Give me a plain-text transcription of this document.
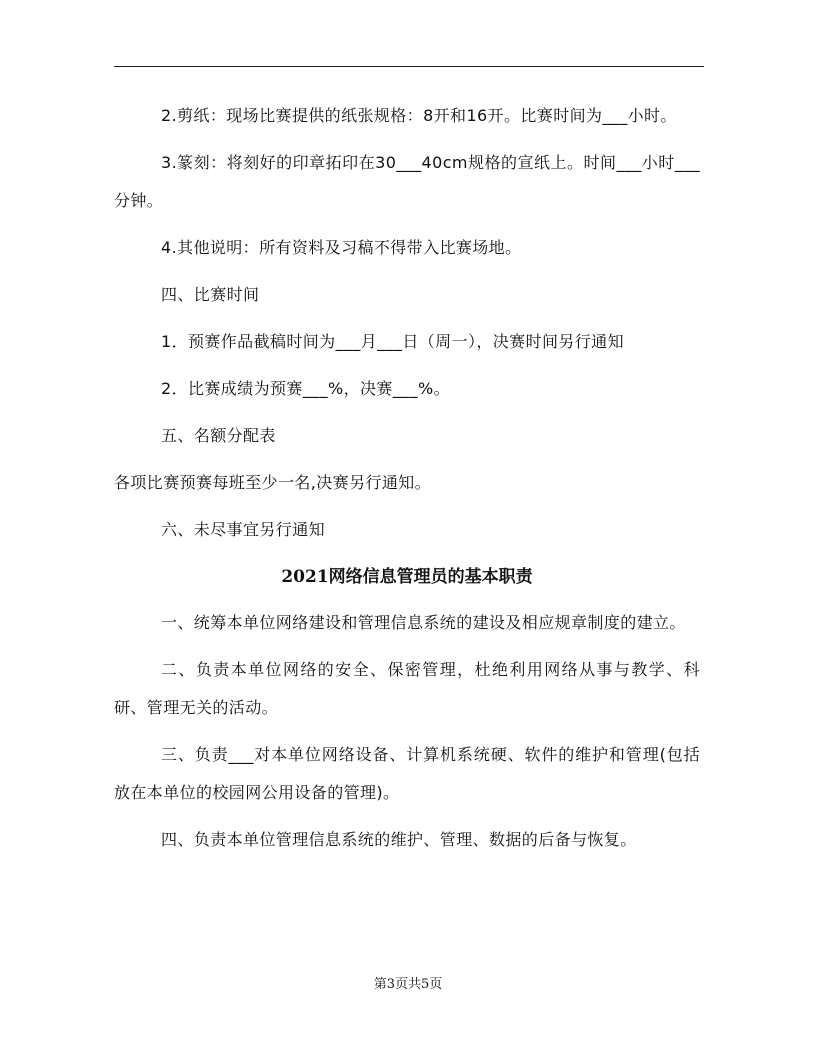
2.剪纸：现场比赛提供的纸张规格：8开和16开。比赛时间为___小时。

3.篆刻：将刻好的印章拓印在30___40cm规格的宣纸上。时间___小时___分钟。

4.其他说明：所有资料及习稿不得带入比赛场地。

四、比赛时间

1．预赛作品截稿时间为___月___日（周一），决赛时间另行通知

2．比赛成绩为预赛___%，决赛___%。

五、名额分配表

各项比赛预赛每班至少一名,决赛另行通知。

六、未尽事宜另行通知

2021网络信息管理员的基本职责

一、统筹本单位网络建设和管理信息系统的建设及相应规章制度的建立。

二、负责本单位网络的安全、保密管理，杜绝利用网络从事与教学、科研、管理无关的活动。

三、负责___对本单位网络设备、计算机系统硬、软件的维护和管理(包括放在本单位的校园网公用设备的管理)。

四、负责本单位管理信息系统的维护、管理、数据的后备与恢复。

第3页共5页
